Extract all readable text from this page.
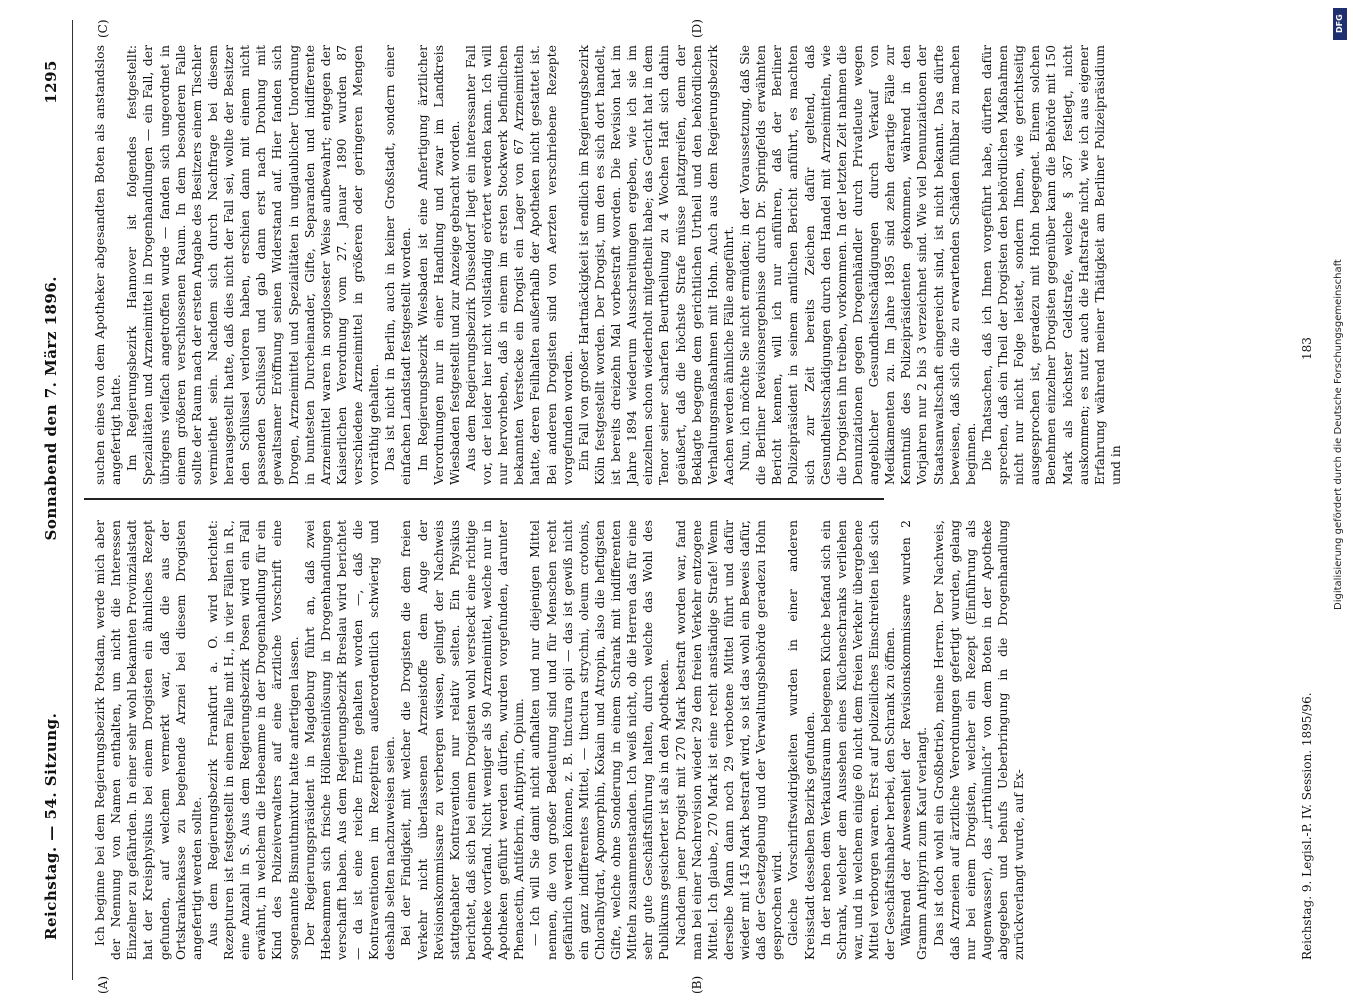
Reichstag. — 54. Sitzung.
Sonnabend den 7. März 1896.
1295
(A)	(B)
(C)	(D)

Ich beginne bei dem Regierungsbezirk Potsdam, werde mich aber der Nennung von Namen enthalten, um nicht die Interessen Einzelner zu gefährden. In einer sehr wohl bekannten Provinzialstadt hat der Kreisphysikus bei einem Drogisten ein ähnliches Rezept gefunden, auf welchem vermerkt war, daß die aus der Ortskrankenkasse zu begehende Arznei bei diesem Drogisten angefertigt werden sollte. Aus dem Regierungsbezirk Frankfurt a. O. wird berichtet: Rezepturen ist festgestellt in einem Falle mit H., in vier Fällen in R., eine Anzahl in S. Aus dem Regierungsbezirk Posen wird ein Fall erwähnt, in welchem die Hebeamme in der Drogenhandlung für ein Kind des Polizeiverwalters auf eine ärztliche Vorschrift eine sogenannte Bismuthmixtur hatte anfertigen lassen. Der Regierungspräsident in Magdeburg führt an, daß zwei Hebeammen sich frische Höllensteinlösung in Drogenhandlungen verschafft haben. Aus dem Regierungsbezirk Breslau wird berichtet — da ist eine reiche Ernte gehalten worden —, daß die Kontraventionen im Rezeptiren außerordentlich schwierig und deshalb selten nachzuweisen seien. Bei der Findigkeit, mit welcher die Drogisten die dem freien Verkehr nicht überlassenen Arzneistoffe dem Auge der Revisionskommissare zu verbergen wissen, gelingt der Nachweis stattgehabter Kontravention nur relativ selten. Ein Physikus berichtet, daß sich bei einem Drogisten wohl versteckt eine richtige Apotheke vorfand. Nicht weniger als 90 Arzneimittel, welche nur in Apotheken geführt werden dürfen, wurden vorgefunden, darunter Phenacetin, Antifebrin, Antipyrin, Opium. — Ich will Sie damit nicht aufhalten und nur diejenigen Mittel nennen, die von großer Bedeutung sind und für Menschen recht gefährlich werden können, z. B. tinctura opii — das ist gewiß nicht ein ganz indifferentes Mittel, — tinctura strychni, oleum crotonis, Chloralhydrat, Apomorphin, Kokain und Atropin, also die heftigsten Gifte, welche ohne Sonderung in einem Schrank mit indifferenten Mitteln zusammenstanden. Ich weiß nicht, ob die Herren das für eine sehr gute Geschäftsführung halten, durch welche das Wohl des Publikums gesicherter ist als in den Apotheken. Nachdem jener Drogist mit 270 Mark bestraft worden war, fand man bei einer Nachrevision wieder 29 dem freien Verkehr entzogene Mittel. Ich glaube, 270 Mark ist eine recht anständige Strafe! Wenn derselbe Mann dann noch 29 verbotene Mittel führt und dafür wieder mit 145 Mark bestraft wird, so ist das wohl ein Beweis dafür, daß der Gesetzgebung und der Verwaltungsbehörde geradezu Hohn gesprochen wird. Gleiche Vorschriftswidrigkeiten wurden in einer anderen Kreisstadt desselben Bezirks gefunden. In der neben dem Verkaufsraum belegenen Küche befand sich ein Schrank, welcher dem Aussehen eines Küchenschranks verliehen war, und in welchem einige 60 nicht dem freien Verkehr übergebene Mittel verborgen waren. Erst auf polizeiliches Einschreiten ließ sich der Geschäftsinhaber herbei, den Schrank zu öffnen. Während der Anwesenheit der Revisionskommissare wurden 2 Gramm Antipyrin zum Kauf verlangt. Das ist doch wohl ein Großbetrieb, meine Herren. Der Nachweis, daß Arzneien auf ärztliche Verordnungen gefertigt wurden, gelang nur bei einem Drogisten, welcher ein Rezept (Einführung als Augenwasser), das „irrthümlich“ von dem Boten in der Apotheke abgegeben und behufs Ueberbringung in die Drogenhandlung zurückverlangt wurde, auf Ex-

suchen eines von dem Apotheker abgesandten Boten als anstandslos angefertigt hatte. Im Regierungsbezirk Hannover ist folgendes festgestellt: Spezialitäten und Arzneimittel in Drogenhandlungen — ein Fall, der übrigens vielfach angetroffen wurde — fanden sich ungeordnet in einem größeren verschlossenen Raum. In dem besonderen Falle sollte der Raum nach der ersten Angabe des Besitzers einem Tischler vermiethet sein. Nachdem sich durch Nachfrage bei diesem herausgestellt hatte, daß dies nicht der Fall sei, wollte der Besitzer den Schlüssel verloren haben, erschien dann mit einem nicht passenden Schlüssel und gab dann erst nach Drohung mit gewaltsamer Eröffnung seinen Widerstand auf. Hier fanden sich Drogen, Arzneimittel und Spezialitäten in unglaublicher Unordnung in buntesten Durcheinander, Gifte, Separanden und indifferente Arzneimittel waren in sorglosester Weise aufbewahrt; entgegen der Kaiserlichen Verordnung vom 27. Januar 1890 wurden 87 verschiedene Arzneimittel in größeren oder geringeren Mengen vorräthig gehalten. Das ist nicht in Berlin, auch in keiner Großstadt, sondern einer einfachen Landstadt festgestellt worden. Im Regierungsbezirk Wiesbaden ist eine Anfertigung ärztlicher Verordnungen nur in einer Handlung und zwar im Landkreis Wiesbaden festgestellt und zur Anzeige gebracht worden. Aus dem Regierungsbezirk Düsseldorf liegt ein interessanter Fall vor, der leider hier nicht vollständig erörtert werden kann. Ich will nur hervorheben, daß in einem im ersten Stockwerk befindlichen bekannten Verstecke ein Drogist ein Lager von 67 Arzneimitteln hatte, deren Feilhalten außerhalb der Apotheken nicht gestattet ist. Bei anderen Drogisten sind von Aerzten verschriebene Rezepte vorgefunden worden. Ein Fall von großer Hartnäckigkeit ist endlich im Regierungsbezirk Köln festgestellt worden. Der Drogist, um den es sich dort handelt, ist bereits dreizehn Mal vorbestraft worden. Die Revision hat im Jahre 1894 wiederum Ausschreitungen ergeben, wie ich sie im einzelnen schon wiederholt mitgetheilt habe; das Gericht hat in dem Tenor seiner scharfen Beurtheilung zu 4 Wochen Haft sich dahin geäußert, daß die höchste Strafe müsse platzgreifen, denn der Beklagte begegne dem gerichtlichen Urtheil und den behördlichen Verhaltungsmaßnahmen mit Hohn. Auch aus dem Regierungsbezirk Aachen werden ähnliche Fälle angeführt. Nun, ich möchte Sie nicht ermüden; in der Voraussetzung, daß Sie die Berliner Revisionsergebnisse durch Dr. Springfelds erwähnten Bericht kennen, will ich nur anführen, daß der Berliner Polizeipräsident in seinem amtlichen Bericht anführt, es machten sich zur Zeit bereits Zeichen dafür geltend, daß Gesundheitsschädigungen durch den Handel mit Arzneimitteln, wie die Drogisten ihn treiben, vorkommen. In der letzten Zeit nahmen die Denunziationen gegen Drogenhändler durch Privatleute wegen angeblicher Gesundheitsschädigungen durch Verkauf von Medikamenten zu. Im Jahre 1895 sind zehn derartige Fälle zur Kenntniß des Polizeipräsidenten gekommen, während in den Vorjahren nur 2 bis 3 verzeichnet sind. Wie viel Denunziationen der Staatsanwaltschaft eingereicht sind, ist nicht bekannt. Das dürfte beweisen, daß sich die zu erwartenden Schäden fühlbar zu machen beginnen. Die Thatsachen, daß ich Ihnen vorgeführt habe, dürften dafür sprechen, daß ein Theil der Drogisten den behördlichen Maßnahmen nicht nur nicht Folge leistet, sondern Ihnen, wie gerichtseitig ausgesprochen ist, geradezu mit Hohn begegnet. Einem solchen Benehmen einzelner Drogisten gegenüber kann die Behörde mit 150 Mark als höchster Geldstrafe, welche § 367 festlegt, nicht auskommen; es nutzt auch die Haftstrafe nicht, wie ich aus eigener Erfahrung während meiner Thätigkeit am Berliner Polizeipräsidium und in

Reichstag. 9. Legisl.-P. IV. Session. 1895/96.
183
DFG
Digitalisierung gefördert durch die Deutsche Forschungsgemeinschaft
